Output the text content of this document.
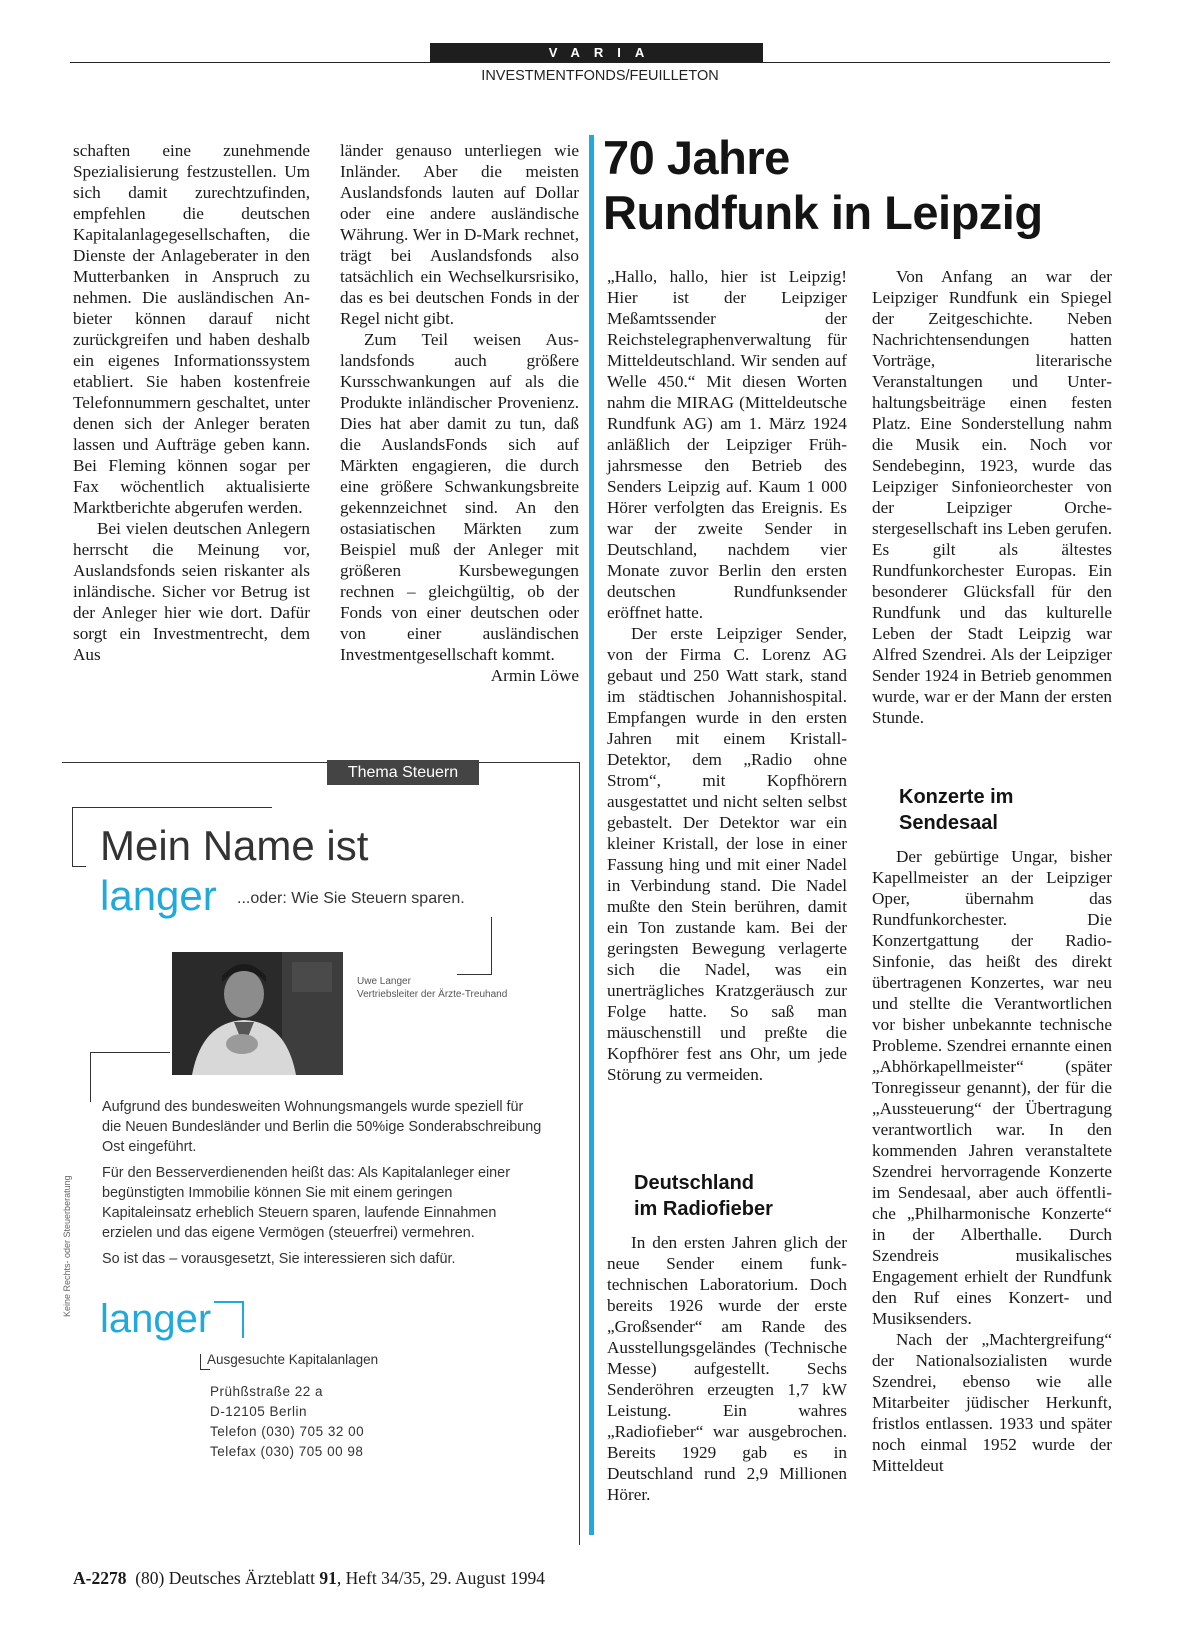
VARIA
INVESTMENTFONDS/FEUILLETON

schaften eine zunehmende Spezialisierung festzustellen. Um sich damit zurechtzufinden, empfehlen die deutschen Kapitalanlagegesellschaften, die Dienste der Anlageberater in den Mutterbanken in Anspruch zu nehmen. Die ausländischen Anbieter können darauf nicht zurückgreifen und haben deshalb ein eigenes Informationssystem etabliert. Sie haben kostenfreie Telefonnummern geschaltet, unter denen sich der Anleger beraten lassen und Aufträge geben kann. Bei Fleming können sogar per Fax wöchentlich aktualisierte Marktberichte abgerufen werden.

Bei vielen deutschen Anlegern herrscht die Meinung vor, Auslandsfonds seien riskanter als inländische. Sicher vor Betrug ist der Anleger hier wie dort. Dafür sorgt ein Investmentrecht, dem Aus

länder genauso unterliegen wie Inländer. Aber die meisten Auslandsfonds lauten auf Dollar oder eine andere ausländische Währung. Wer in D-Mark rechnet, trägt bei Auslandsfonds also tatsächlich ein Wechselkursrisiko, das es bei deutschen Fonds in der Regel nicht gibt.

Zum Teil weisen Auslandsfonds auch größere Kursschwankungen auf als die Produkte inländischer Provenienz. Dies hat aber damit zu tun, daß die AuslandsFonds sich auf Märkten engagieren, die durch eine größere Schwankungsbreite gekennzeichnet sind. An den ostasiatischen Märkten zum Beispiel muß der Anleger mit größeren Kursbewegungen rechnen – gleichgültig, ob der Fonds von einer deutschen oder von einer ausländischen Investmentgesellschaft kommt.
Armin Löwe

70 Jahre
Rundfunk in Leipzig

„Hallo, hallo, hier ist Leipzig! Hier ist der Leipziger Meßamtssender der Reichstelegraphenverwaltung für Mitteldeutschland. Wir senden auf Welle 450.“ Mit diesen Worten nahm die MIRAG (Mitteldeutsche Rundfunk AG) am 1. März 1924 anläßlich der Leipziger Frühjahrsmesse den Betrieb des Senders Leipzig auf. Kaum 1 000 Hörer verfolgten das Ereignis. Es war der zweite Sender in Deutschland, nachdem vier Monate zuvor Berlin den ersten deutschen Rundfunksender eröffnet hatte.

Der erste Leipziger Sender, von der Firma C. Lorenz AG gebaut und 250 Watt stark, stand im städtischen Johannishospital. Empfangen wurde in den ersten Jahren mit einem Kristall-Detektor, dem „Radio ohne Strom“, mit Kopfhörern ausgestattet und nicht selten selbst gebastelt. Der Detektor war ein kleiner Kristall, der lose in einer Fassung hing und mit einer Nadel in Verbindung stand. Die Nadel mußte den Stein berühren, damit ein Ton zustande kam. Bei der geringsten Bewegung verlagerte sich die Nadel, was ein unerträgliches Kratzgeräusch zur Folge hatte. So saß man mäuschenstill und preßte die Kopfhörer fest ans Ohr, um jede Störung zu vermeiden.

Deutschland
im Radiofieber

In den ersten Jahren glich der neue Sender einem funktechnischen Laboratorium. Doch bereits 1926 wurde der erste „Großsender“ am Rande des Ausstellungsgeländes (Technische Messe) aufgestellt. Sechs Senderöhren erzeugten 1,7 kW Leistung. Ein wahres „Radiofieber“ war ausgebrochen. Bereits 1929 gab es in Deutschland rund 2,9 Millionen Hörer.

Von Anfang an war der Leipziger Rundfunk ein Spiegel der Zeitgeschichte. Neben Nachrichtensendungen hatten Vorträge, literarische Veranstaltungen und Unterhaltungsbeiträge einen festen Platz. Eine Sonderstellung nahm die Musik ein. Noch vor Sendebeginn, 1923, wurde das Leipziger Sinfonieorchester von der Leipziger Orchestergesellschaft ins Leben gerufen. Es gilt als ältestes Rundfunkorchester Europas. Ein besonderer Glücksfall für den Rundfunk und das kulturelle Leben der Stadt Leipzig war Alfred Szendrei. Als der Leipziger Sender 1924 in Betrieb genommen wurde, war er der Mann der ersten Stunde.

Konzerte im
Sendesaal

Der gebürtige Ungar, bisher Kapellmeister an der Leipziger Oper, übernahm das Rundfunkorchester. Die Konzertgattung der Radio-Sinfonie, das heißt des direkt übertragenen Konzertes, war neu und stellte die Verantwortlichen vor bisher unbekannte technische Probleme. Szendrei ernannte einen „Abhörkapellmeister“ (später Tonregisseur genannt), der für die „Aussteuerung“ der Übertragung verantwortlich war. In den kommenden Jahren veranstaltete Szendrei hervorragende Konzerte im Sendesaal, aber auch öffentliche „Philharmonische Konzerte“ in der Alberthalle. Durch Szendreis musikalisches Engagement erhielt der Rundfunk den Ruf eines Konzert- und Musiksenders.

Nach der „Machtergreifung“ der Nationalsozialisten wurde Szendrei, ebenso wie alle Mitarbeiter jüdischer Herkunft, fristlos entlassen. 1933 und später noch einmal 1952 wurde der Mitteldeut

Thema Steuern
Mein Name ist
langer ...oder: Wie Sie Steuern sparen.
Uwe Langer
Vertriebsleiter der Ärzte-Treuhand
Keine Rechts- oder Steuerberatung

Aufgrund des bundesweiten Wohnungsmangels wurde speziell für die Neuen Bundesländer und Berlin die 50%ige Sonderabschreibung Ost eingeführt.

Für den Besserverdienenden heißt das: Als Kapitalanleger einer begünstigten Immobilie können Sie mit einem geringen Kapitaleinsatz erheblich Steuern sparen, laufende Einnahmen erzielen und das eigene Vermögen (steuerfrei) vermehren.

So ist das – vorausgesetzt, Sie interessieren sich dafür.

langer
Ausgesuchte Kapitalanlagen
Prühßstraße 22 a
D-12105 Berlin
Telefon (030) 705 32 00
Telefax (030) 705 00 98
A-2278 (80) Deutsches Ärzteblatt 91, Heft 34/35, 29. August 1994
